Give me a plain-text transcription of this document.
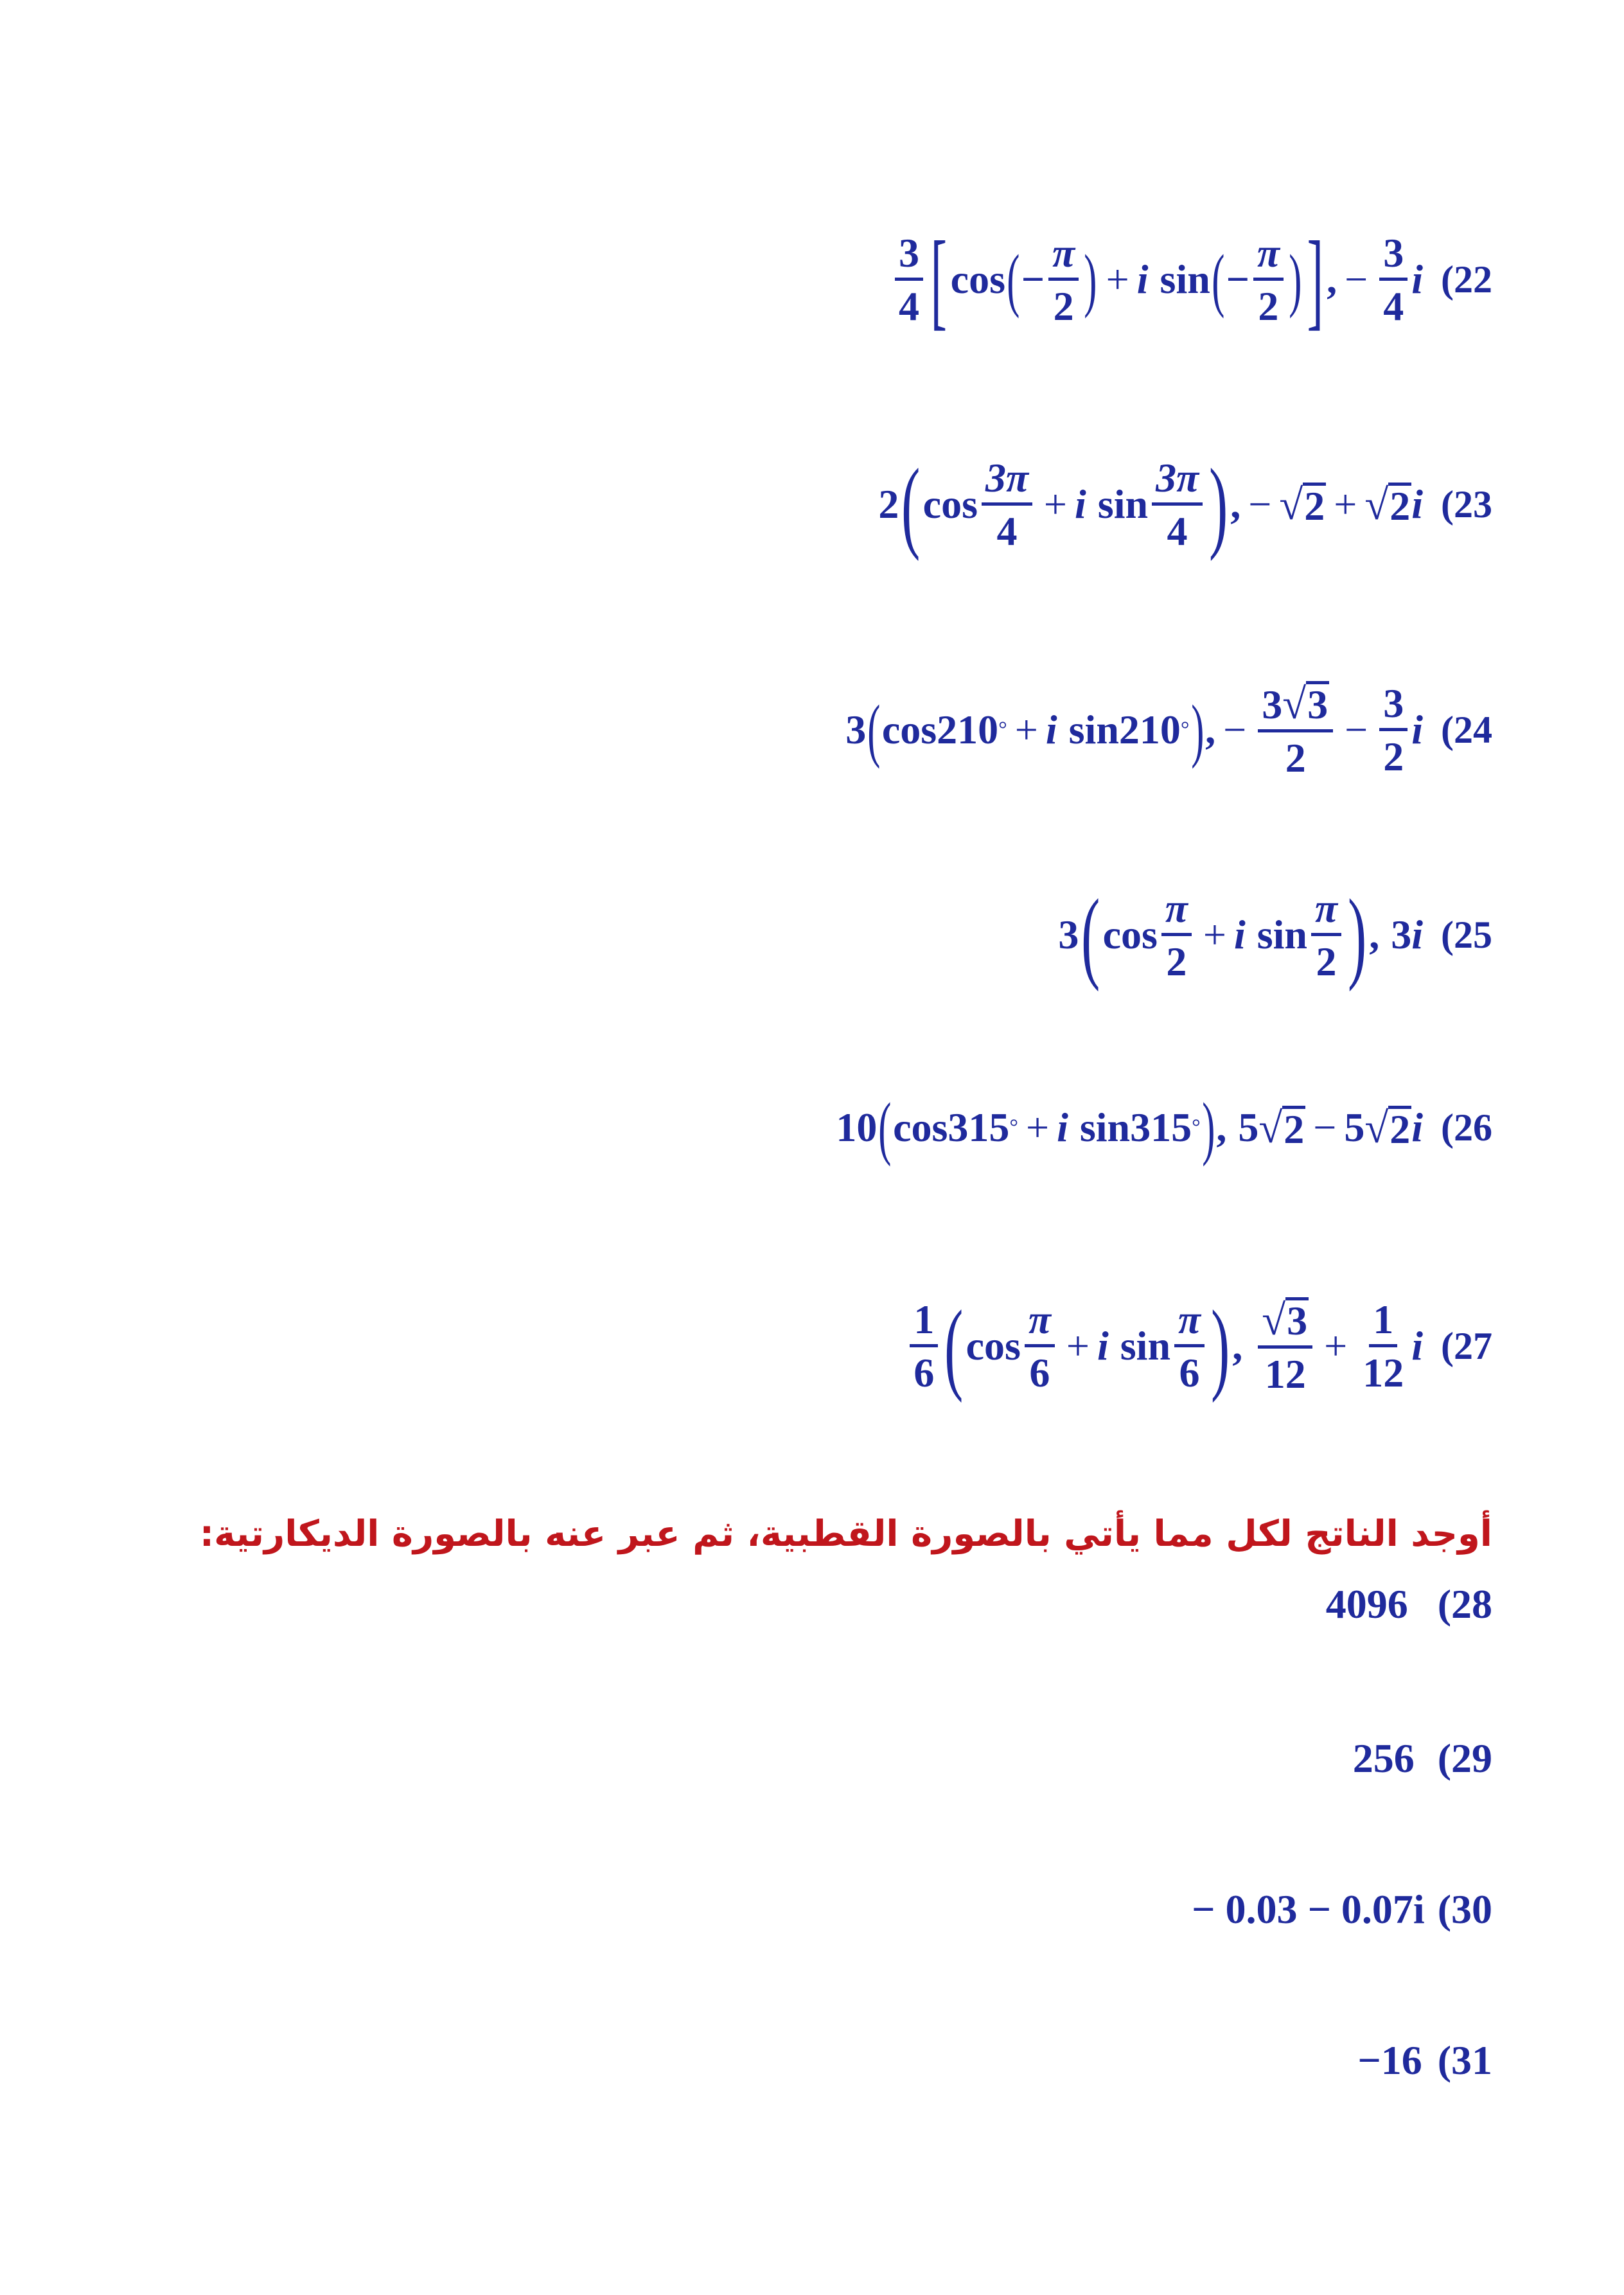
$\frac{3}{4}$ [ cos ( − $\frac{\pi}{2}$ ) + i sin ( − $\frac{\pi}{2}$ ) ] , − $\frac{3}{4}$ i (22
2 ( $\cos \frac{3\pi}{4} + i$ $\sin \frac{3\pi}{4}$ ) , − √ 2 + √ 2 i (23
3 ( cos 210 ° + i sin 210 ° ) , − $\frac{3 √ 3}{2} - \frac{3}{2}$ i (24
3 ( $\cos \frac{\pi}{2} + i$ $\sin \frac{\pi}{2}$ ) , 3 i (25
10 ( cos 315 ° + i sin 315 ° ) , 5 √ 2 − 5 √ 2 i (26
$\frac{1}{6}$ ( $\cos \frac{\pi}{6} + i$ $\sin \frac{\pi}{6}$ ) , $\frac{√ 3}{12} + \frac{1}{12}$ i (27
أوجد الناتج لكل مما يأتي بالصورة القطبية، ثم عبر عنه بالصورة الديكارتية:
4096 (28
256 (29
− 0.03 − 0.07i (30
−16 (31
